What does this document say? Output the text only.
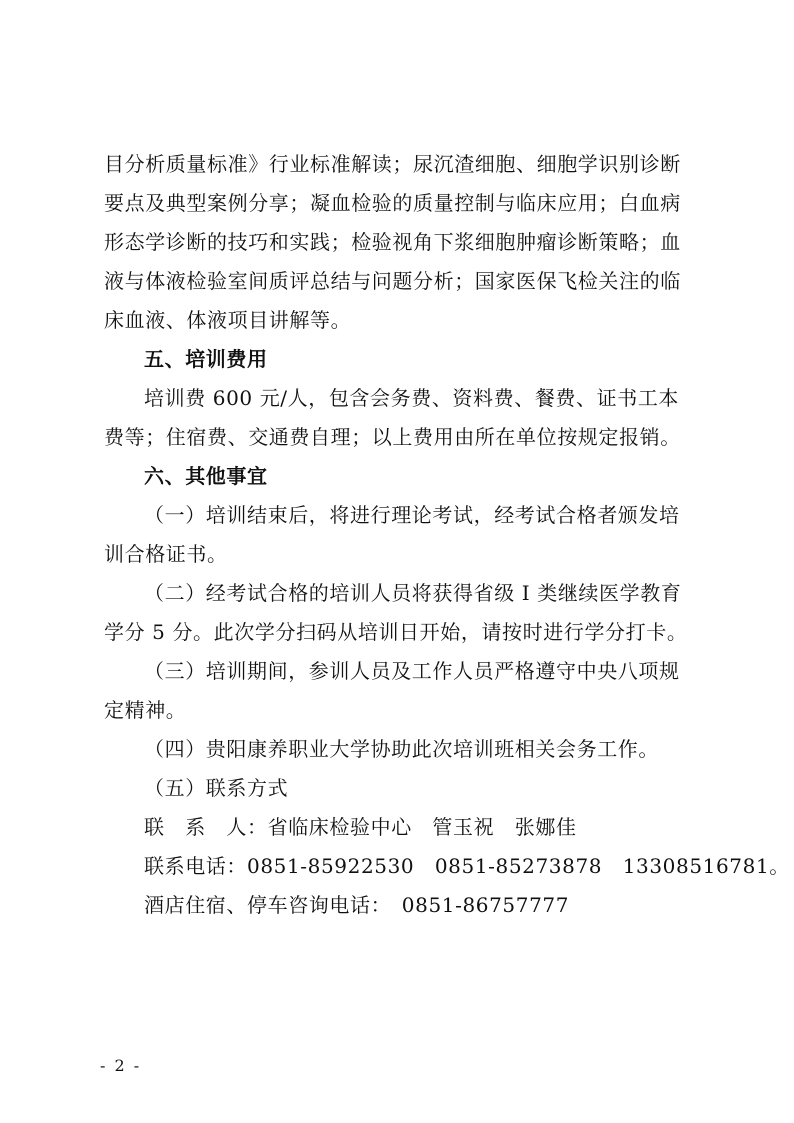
目分析质量标准》行业标准解读；尿沉渣细胞、细胞学识别诊断
要点及典型案例分享；凝血检验的质量控制与临床应用；白血病
形态学诊断的技巧和实践；检验视角下浆细胞肿瘤诊断策略；血
液与体液检验室间质评总结与问题分析；国家医保飞检关注的临
床血液、体液项目讲解等。
五、培训费用
培训费 600 元/人，包含会务费、资料费、餐费、证书工本
费等；住宿费、交通费自理；以上费用由所在单位按规定报销。
六、其他事宜
（一）培训结束后，将进行理论考试，经考试合格者颁发培
训合格证书。
（二）经考试合格的培训人员将获得省级 I 类继续医学教育
学分 5 分。此次学分扫码从培训日开始，请按时进行学分打卡。
（三）培训期间，参训人员及工作人员严格遵守中央八项规
定精神。
（四）贵阳康养职业大学协助此次培训班相关会务工作。
（五）联系方式
联　系　人：省临床检验中心　管玉祝　张娜佳
联系电话：0851-85922530　0851-85273878　13308516781。
酒店住宿、停车咨询电话：　0851-86757777
- 2 -
